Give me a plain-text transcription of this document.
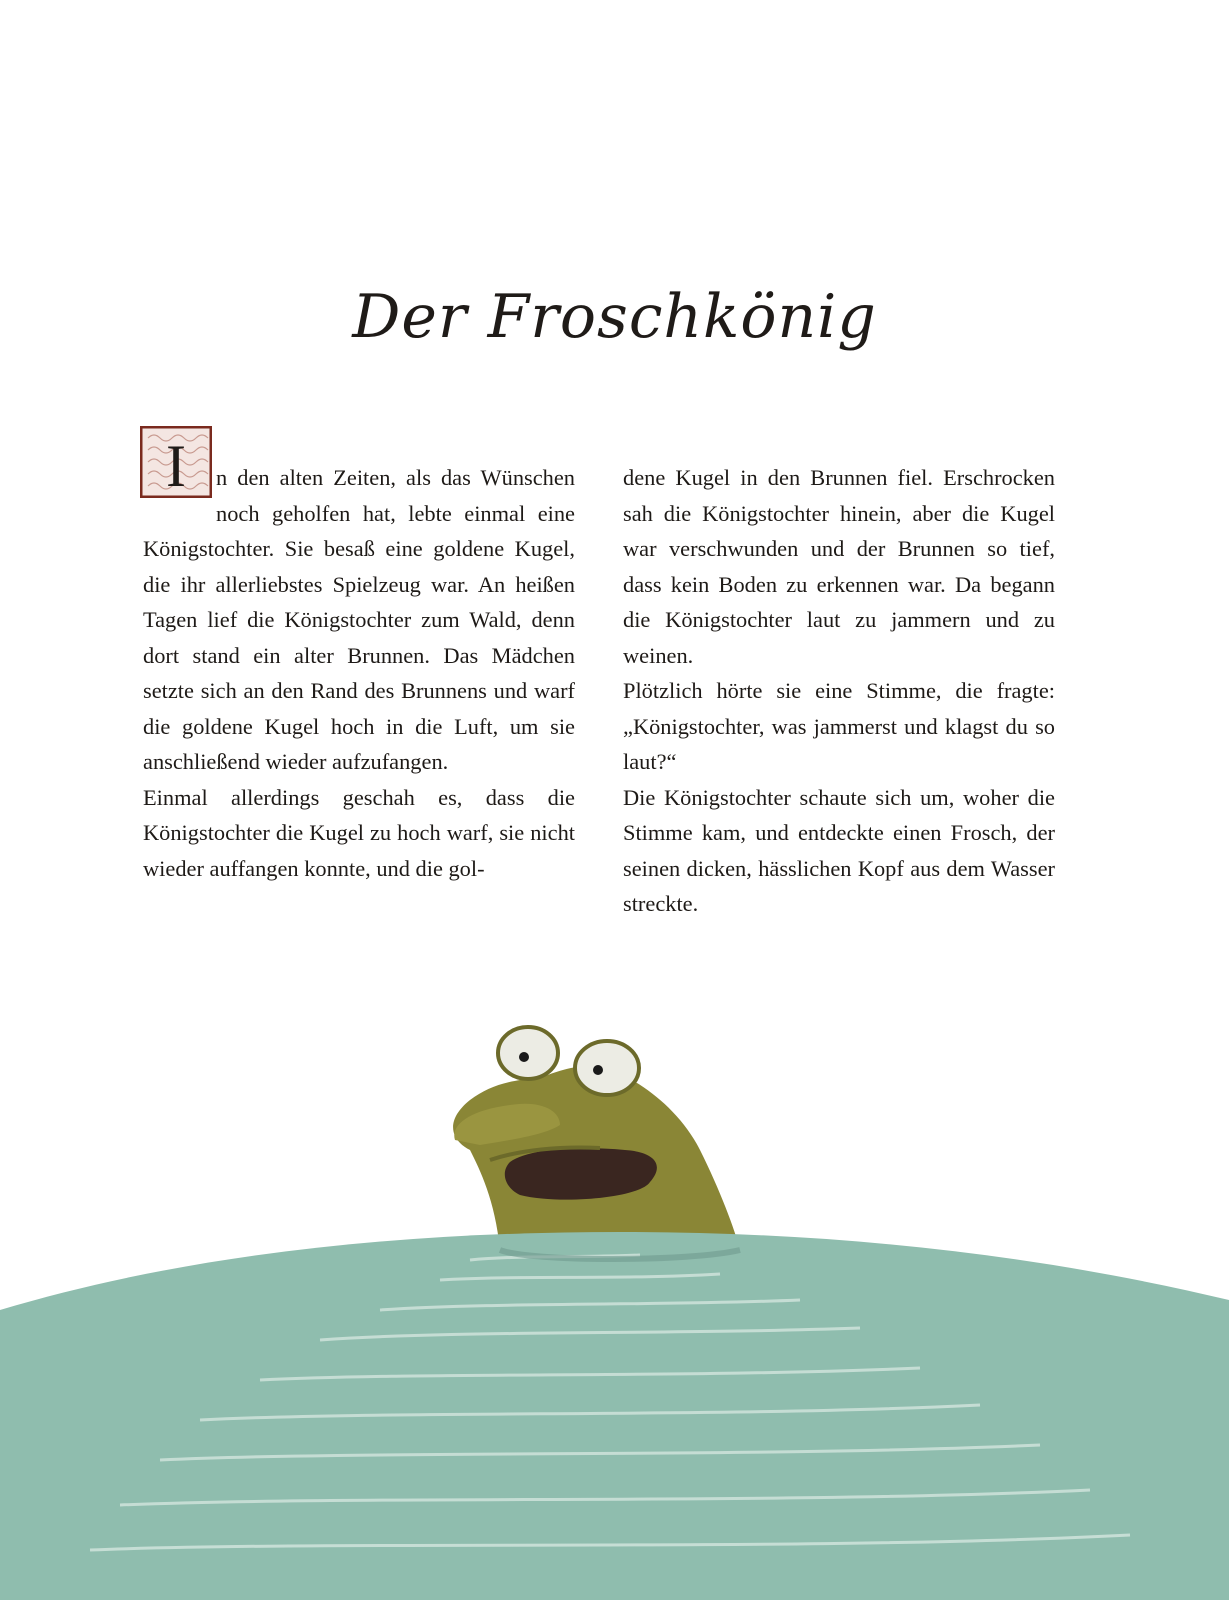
Der Froschkönig

I n den alten Zeiten, als das Wünschen noch geholfen hat, lebte einmal eine Königstochter. Sie besaß eine goldene Kugel, die ihr allerliebstes Spielzeug war. An heißen Tagen lief die Königstochter zum Wald, denn dort stand ein alter Brunnen. Das Mädchen setzte sich an den Rand des Brunnens und warf die goldene Kugel hoch in die Luft, um sie anschließend wieder aufzufangen.

Einmal allerdings geschah es, dass die Königstochter die Kugel zu hoch warf, sie nicht wieder auffangen konnte, und die gol-

dene Kugel in den Brunnen fiel. Erschrocken sah die Königstochter hinein, aber die Kugel war verschwunden und der Brunnen so tief, dass kein Boden zu erkennen war. Da begann die Königstochter laut zu jammern und zu weinen.

Plötzlich hörte sie eine Stimme, die fragte: „Königstochter, was jammerst und klagst du so laut?“

Die Königstochter schaute sich um, woher die Stimme kam, und entdeckte einen Frosch, der seinen dicken, hässlichen Kopf aus dem Wasser streckte.
